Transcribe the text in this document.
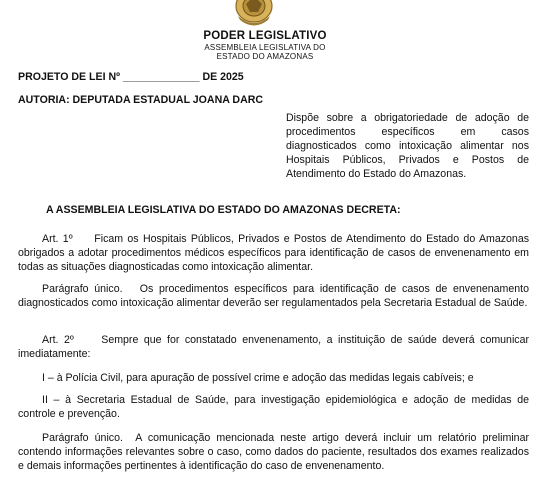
PODER LEGISLATIVO
ASSEMBLEIA LEGISLATIVA DO
ESTADO DO AMAZONAS
PROJETO DE LEI Nº _____________ DE 2025
AUTORIA: DEPUTADA ESTADUAL JOANA DARC
Dispõe sobre a obrigatoriedade de adoção de procedimentos específicos em casos diagnosticados como intoxicação alimentar nos Hospitais Públicos, Privados e Postos de Atendimento do Estado do Amazonas.
A ASSEMBLEIA LEGISLATIVA DO ESTADO DO AMAZONAS DECRETA:
Art. 1º Ficam os Hospitais Públicos, Privados e Postos de Atendimento do Estado do Amazonas obrigados a adotar procedimentos médicos específicos para identificação de casos de envenenamento em todas as situações diagnosticadas como intoxicação alimentar.
Parágrafo único. Os procedimentos específicos para identificação de casos de envenenamento diagnosticados como intoxicação alimentar deverão ser regulamentados pela Secretaria Estadual de Saúde.
Art. 2º	Sempre que for constatado envenenamento, a instituição de saúde deverá comunicar imediatamente:
I – à Polícia Civil, para apuração de possível crime e adoção das medidas legais cabíveis; e
II – à Secretaria Estadual de Saúde, para investigação epidemiológica e adoção de medidas de controle e prevenção.
Parágrafo único. A comunicação mencionada neste artigo deverá incluir um relatório preliminar contendo informações relevantes sobre o caso, como dados do paciente, resultados dos exames realizados e demais informações pertinentes à identificação do caso de envenenamento.
